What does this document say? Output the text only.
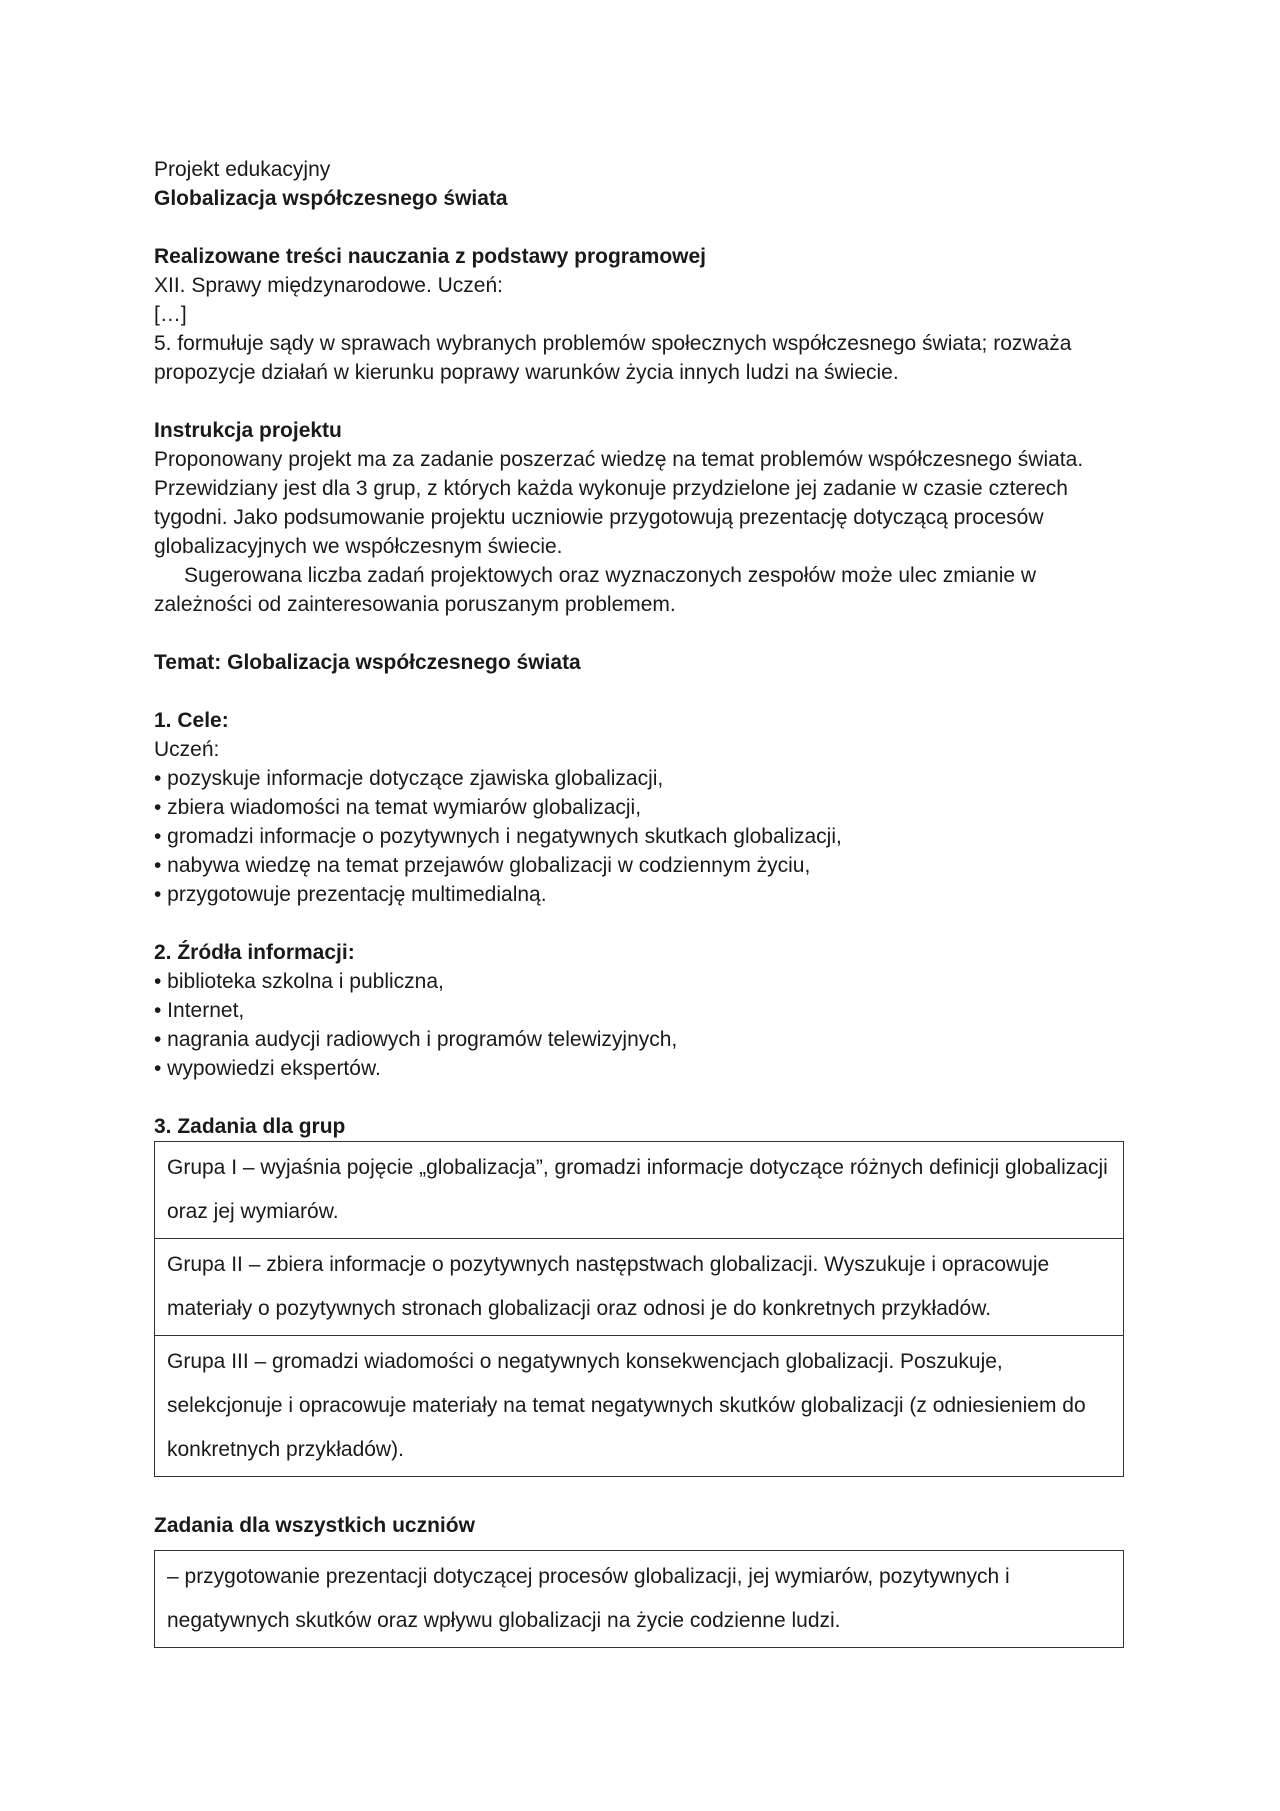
Projekt edukacyjny
Globalizacja współczesnego świata
Realizowane treści nauczania z podstawy programowej
XII. Sprawy międzynarodowe. Uczeń:
[…]
5. formułuje sądy w sprawach wybranych problemów społecznych współczesnego świata; rozważa propozycje działań w kierunku poprawy warunków życia innych ludzi na świecie.
Instrukcja projektu
Proponowany projekt ma za zadanie poszerzać wiedzę na temat problemów współczesnego świata. Przewidziany jest dla 3 grup, z których każda wykonuje przydzielone jej zadanie w czasie czterech tygodni. Jako podsumowanie projektu uczniowie przygotowują prezentację dotyczącą procesów globalizacyjnych we współczesnym świecie.
Sugerowana liczba zadań projektowych oraz wyznaczonych zespołów może ulec zmianie w zależności od zainteresowania poruszanym problemem.
Temat: Globalizacja współczesnego świata
1. Cele:
Uczeń:
• pozyskuje informacje dotyczące zjawiska globalizacji,
• zbiera wiadomości na temat wymiarów globalizacji,
• gromadzi informacje o pozytywnych i negatywnych skutkach globalizacji,
• nabywa wiedzę na temat przejawów globalizacji w codziennym życiu,
• przygotowuje prezentację multimedialną.
2. Źródła informacji:
• biblioteka szkolna i publiczna,
• Internet,
• nagrania audycji radiowych i programów telewizyjnych,
• wypowiedzi ekspertów.
3. Zadania dla grup
Grupa I – wyjaśnia pojęcie „globalizacja”, gromadzi informacje dotyczące różnych definicji globalizacji oraz jej wymiarów.
Grupa II – zbiera informacje o pozytywnych następstwach globalizacji. Wyszukuje i opracowuje materiały o pozytywnych stronach globalizacji oraz odnosi je do konkretnych przykładów.
Grupa III – gromadzi wiadomości o negatywnych konsekwencjach globalizacji. Poszukuje, selekcjonuje i opracowuje materiały na temat negatywnych skutków globalizacji (z odniesieniem do konkretnych przykładów).
Zadania dla wszystkich uczniów
– przygotowanie prezentacji dotyczącej procesów globalizacji, jej wymiarów, pozytywnych i negatywnych skutków oraz wpływu globalizacji na życie codzienne ludzi.
